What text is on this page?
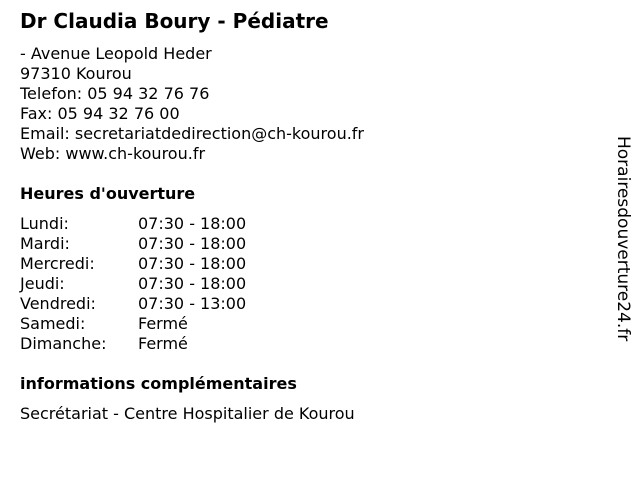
Dr Claudia Boury - Pédiatre
- Avenue Leopold Heder
97310 Kourou
Telefon: 05 94 32 76 76
Fax: 05 94 32 76 00
Email: secretariatdedirection@ch-kourou.fr
Web: www.ch-kourou.fr
Heures d'ouverture
Lundi:	07:30 - 18:00
Mardi:	07:30 - 18:00
Mercredi:	07:30 - 18:00
Jeudi:	07:30 - 18:00
Vendredi:	07:30 - 13:00
Samedi:	Fermé
Dimanche: Fermé
informations complémentaires
Secrétariat - Centre Hospitalier de Kourou
Horairesdouverture24.fr
